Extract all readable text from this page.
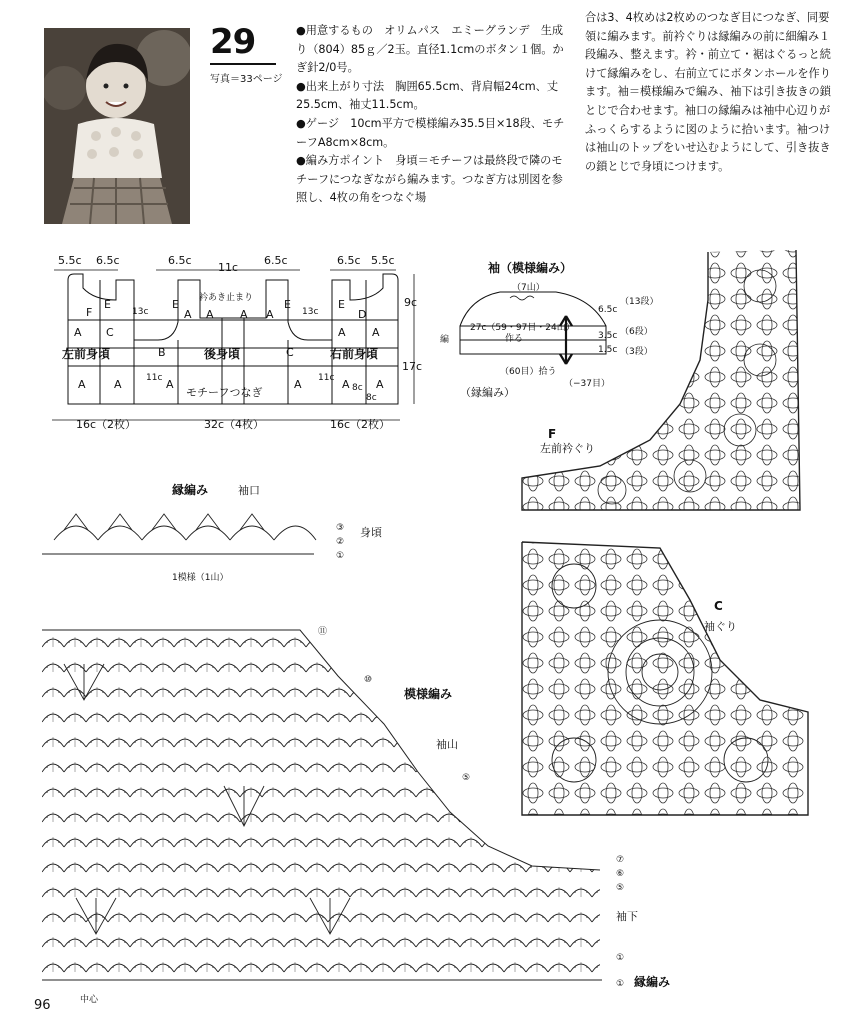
29
写真＝33ページ

●用意するもの　オリムパス　エミーグランデ　生成り（804）85ｇ／2玉。直径1.1cmのボタン１個。かぎ針2/0号。

●出来上がり寸法　胸囲65.5cm、背肩幅24cm、丈25.5cm、袖丈11.5cm。

●ゲージ　10cm平方で模様編み35.5目×18段、モチーフA8cm×8cm。

●編み方ポイント　身頃＝モチーフは最終段で隣のモチーフにつなぎながら編みます。つなぎ方は別図を参照し、4枚の角をつなぐ場

合は3、4枚めは2枚めのつなぎ目につなぎ、同要領に編みます。前衿ぐりは縁編みの前に細編み１段編み、整えます。衿・前立て・裾はぐるっと続けて縁編みをし、右前立てにボタンホールを作ります。袖＝模様編みで編み、袖下は引き抜きの鎖とじで合わせます。袖口の縁編みは袖中心辺りがふっくらするように図のように拾います。袖つけは袖山のトップをいせ込むようにして、引き抜きの鎖とじで身頃につけます。

5.5c 6.5c	6.5c
11c
6.5c	6.5c 5.5c
衿あき止まり
13c	13c
11c	11c
8c
8c
9c
17c
16c（2枚）	32c（4枚）	16c（2枚）
左前身頃	後身頃	右前身頃
モチーフつなぎ
F
E	E	E	E
D
A C
A A A A
A A
B	C
A	A	A	A	A A
袖（模様編み）
（7山）
27c（59・97目・24山）
作る
編
（60目）拾う
（−37目）
（縁編み）
6.5c
3.5c
1.5c
（13段）
（6段）
（3段）
F
左前衿ぐり
C
袖ぐり
縁編み	袖口
1模様（1山）
身頃
③
②
①
⑪
⑩
⑤
⑦
⑥
⑤
①
①
模様編み
袖山
袖下
縁編み
中心
96
